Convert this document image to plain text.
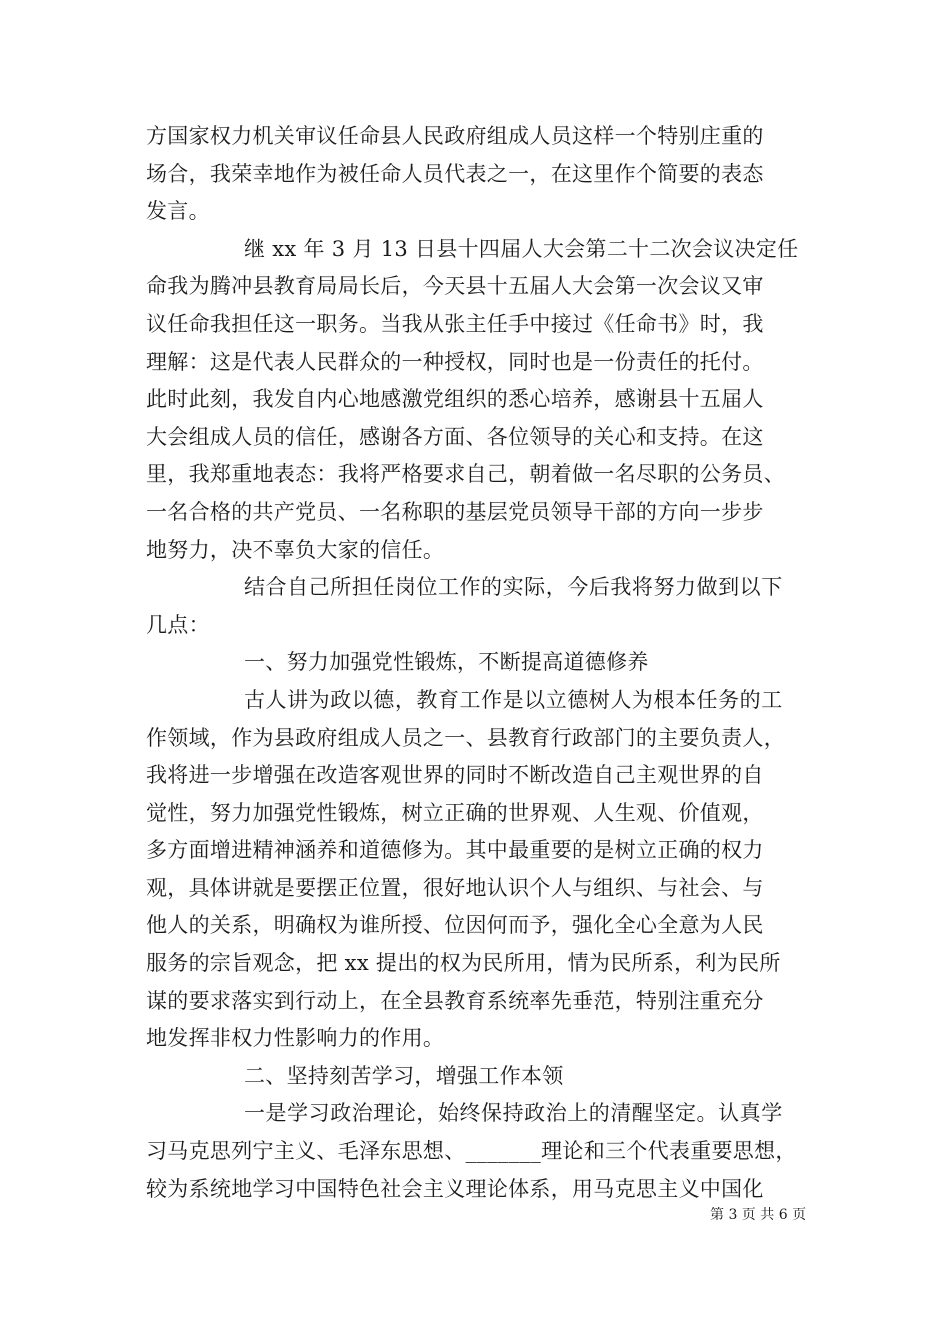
方国家权力机关审议任命县人民政府组成人员这样一个特别庄重的
场合，我荣幸地作为被任命人员代表之一，在这里作个简要的表态
发言。
继 xx 年 3 月 13 日县十四届人大会第二十二次会议决定任
命我为腾冲县教育局局长后，今天县十五届人大会第一次会议又审
议任命我担任这一职务。当我从张主任手中接过《任命书》时，我
理解：这是代表人民群众的一种授权，同时也是一份责任的托付。
此时此刻，我发自内心地感激党组织的悉心培养，感谢县十五届人
大会组成人员的信任，感谢各方面、各位领导的关心和支持。在这
里，我郑重地表态：我将严格要求自己，朝着做一名尽职的公务员、
一名合格的共产党员、一名称职的基层党员领导干部的方向一步步
地努力，决不辜负大家的信任。
结合自己所担任岗位工作的实际，今后我将努力做到以下
几点：
一、努力加强党性锻炼，不断提高道德修养
古人讲为政以德，教育工作是以立德树人为根本任务的工
作领域，作为县政府组成人员之一、县教育行政部门的主要负责人，
我将进一步增强在改造客观世界的同时不断改造自己主观世界的自
觉性，努力加强党性锻炼，树立正确的世界观、人生观、价值观，
多方面增进精神涵养和道德修为。其中最重要的是树立正确的权力
观，具体讲就是要摆正位置，很好地认识个人与组织、与社会、与
他人的关系，明确权为谁所授、位因何而予，强化全心全意为人民
服务的宗旨观念，把 xx 提出的权为民所用，情为民所系，利为民所
谋的要求落实到行动上，在全县教育系统率先垂范，特别注重充分
地发挥非权力性影响力的作用。
二、坚持刻苦学习，增强工作本领
一是学习政治理论，始终保持政治上的清醒坚定。认真学
习马克思列宁主义、毛泽东思想、_______理论和三个代表重要思想，
较为系统地学习中国特色社会主义理论体系，用马克思主义中国化
第 3 页 共 6 页
